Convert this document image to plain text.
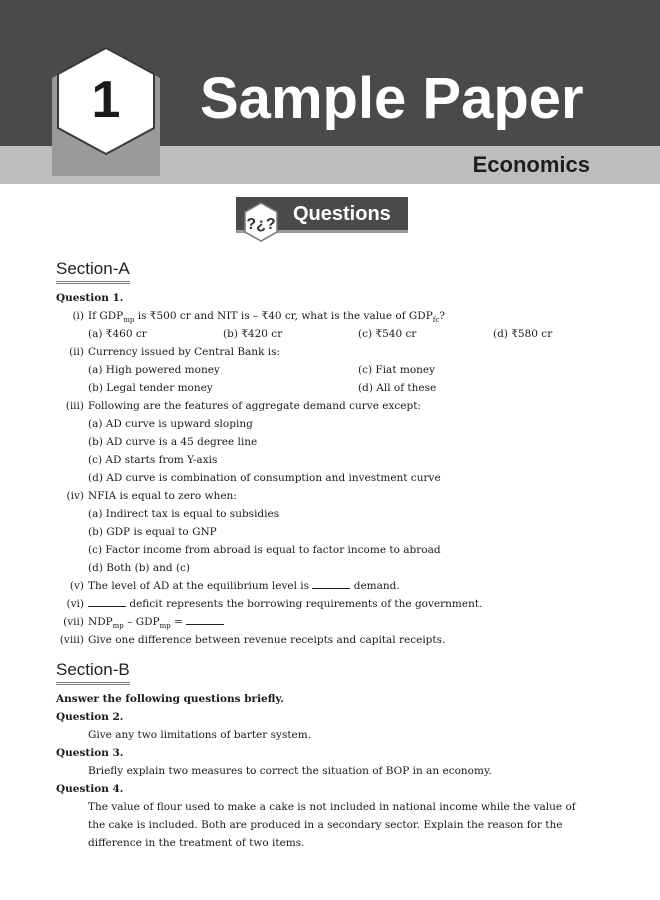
1	Sample Paper
Economics
?¿? Questions
Section-A
Question 1.
(i) If $GDP_{mp}$ is ₹500 cr and NIT is – ₹40 cr, what is the value of $GDP_{fc}$?
(a) ₹460 cr	(b) ₹420 cr	(c) ₹540 cr	(d) ₹580 cr
(ii) Currency issued by Central Bank is:
(a) High powered money	(c) Fiat money
(b) Legal tender money	(d) All of these
(iii) Following are the features of aggregate demand curve except:
(a) AD curve is upward sloping
(b) AD curve is a 45 degree line
(c) AD starts from Y-axis
(d) AD curve is combination of consumption and investment curve
(iv) NFIA is equal to zero when:
(a) Indirect tax is equal to subsidies
(b) GDP is equal to GNP
(c) Factor income from abroad is equal to factor income to abroad
(d) Both (b) and (c)
(v) The level of AD at the equilibrium level is	demand.
(vi)	deficit represents the borrowing requirements of the government.
(vii) $NDP_{mp} - GDP_{mp}$ =
(viii) Give one difference between revenue receipts and capital receipts.
Section-B
Answer the following questions briefly.
Question 2.
Give any two limitations of barter system.
Question 3.
Briefly explain two measures to correct the situation of BOP in an economy.
Question 4.
The value of flour used to make a cake is not included in national income while the value of the cake is included. Both are produced in a secondary sector. Explain the reason for the difference in the treatment of two items.
